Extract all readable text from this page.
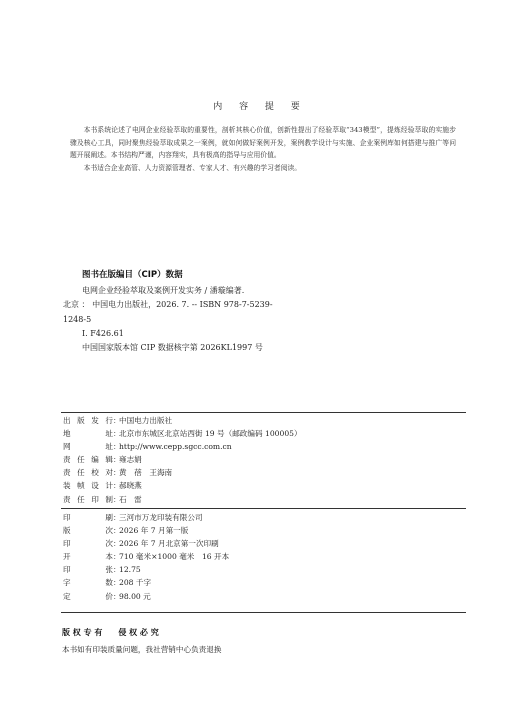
内 容 提 要

本书系统论述了电网企业经验萃取的重要性，剖析其核心价值，创新性提出了经验萃取“343模型”，提炼经验萃取的实施步骤及核心工具，同时聚焦经验萃取成果之一案例，就如何做好案例开发，案例教学设计与实施、企业案例库如何搭建与推广等问题开展阐述。本书结构严谨，内容翔实，具有极高的指导与应用价值。

本书适合企业高管、人力资源管理者、专家人才、有兴趣的学习者阅读。

图书在版编目（CIP）数据
电网企业经验萃取及案例开发实务 / 潘璇编著.
北京 ： 中国电力出版社，2026. 7. -- ISBN 978-7-5239-
1248-5
Ⅰ. F426.61
中国国家版本馆 CIP 数据核字第 2026KL1997 号
出版发行 ：
中国电力出版社
地址 ：
北京市东城区北京站西街 19 号（邮政编码 100005）
网址 ：
http://www.cepp.sgcc.com.cn
责任编辑 ：
雍志娟
责任校对 ：
黄　蓓　王海南
装帧设计 ：
郝晓燕
责任印制 ：
石　雷
印刷 ：
三河市万龙印装有限公司
版次 ：
2026 年 7 月第一版
印次 ：
2026 年 7 月北京第一次印刷
开本 ：
710 毫米×1000 毫米　16 开本
印张 ：
12.75
字数 ：
208 千字
定价 ：
98.00 元
版 权 专 有　　侵 权 必 究
本书如有印装质量问题，我社营销中心负责退换
